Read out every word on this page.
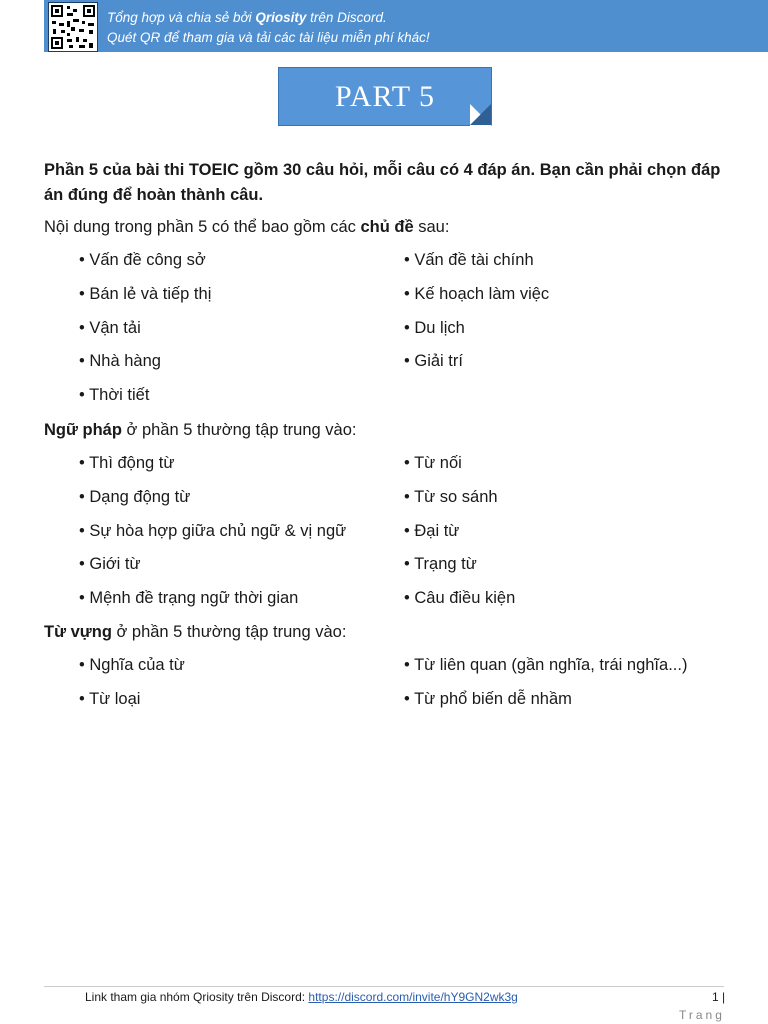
Tổng hợp và chia sẻ bởi Qriosity trên Discord.
Quét QR để tham gia và tải các tài liệu miễn phí khác!
PART 5
Phần 5 của bài thi TOEIC gồm 30 câu hỏi, mỗi câu có 4 đáp án. Bạn cần phải chọn đáp án đúng để hoàn thành câu.
Nội dung trong phần 5 có thể bao gồm các chủ đề sau:
• Vấn đề công sở
• Bán lẻ và tiếp thị
• Vận tải
• Nhà hàng
• Thời tiết
• Vấn đề tài chính
• Kế hoạch làm việc
• Du lịch
• Giải trí
Ngữ pháp ở phần 5 thường tập trung vào:
• Thì động từ
• Dạng động từ
• Sự hòa hợp giữa chủ ngữ & vị ngữ
• Giới từ
• Mệnh đề trạng ngữ thời gian
• Từ nối
• Từ so sánh
• Đại từ
• Trạng từ
• Câu điều kiện
Từ vựng ở phần 5 thường tập trung vào:
• Nghĩa của từ
• Từ loại
• Từ liên quan (gần nghĩa, trái nghĩa...)
• Từ phổ biến dễ nhầm
Link tham gia nhóm Qriosity trên Discord: https://discord.com/invite/hY9GN2wk3g	1 |
Trang
